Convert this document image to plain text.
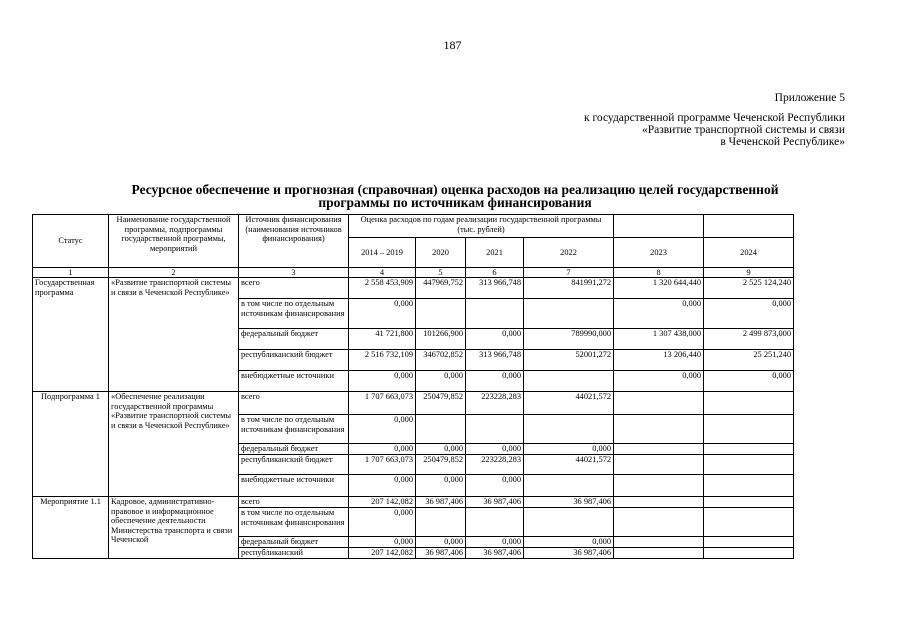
187
Приложение 5
к государственной программе Чеченской Республики
«Развитие транспортной системы и связи
в Чеченской Республике»
Ресурсное обеспечение и прогнозная (справочная) оценка расходов на реализацию целей государственной
программы по источникам финансирования
Статус	Наименование государственной программы, подпрограммы государственной программы, мероприятий	Источник финансирования (наименования источников финансирования)	Оценка расходов по годам реализации государственной программы (тыс. рублей)					
			2014 – 2019	2020	2021	2022	2023	2024
1	2	3	4	5	6	7	8	9
Государственная программа	«Развитие транспортной системы и связи в Чеченской Республике»	всего	2 558 453,909	447969,752	313 966,748	841991,272	1 320 644,440	2 525 124,240
		в том числе по отдельным источникам финансирования	0,000				0,000	0,000
		федеральный бюджет	41 721,800	101266,900	0,000	789990,000	1 307 438,000	2 499 873,000
		республиканский бюджет	2 516 732,109	346702,852	313 966,748	52001,272	13 206,440	25 251,240
		внебюджетные источники	0,000	0,000	0,000		0,000	0,000
Подпрограмма 1	«Обеспечение реализации государственной программы «Развитие транспортной системы и связи в Чеченской Республике»	всего	1 707 663,073	250479,852	223228,283	44021,572		
		в том числе по отдельным источникам финансирования	0,000					
		федеральный бюджет	0,000	0,000	0,000	0,000		
		республиканский бюджет	1 707 663,073	250479,852	223228,283	44021,572		
		внебюджетные источники	0,000	0,000	0,000			
Мероприятие 1.1	Кадровое, административно-правовое и информационное обеспечение деятельности Министерства транспорта и связи Чеченской	всего	207 142,082	36 987,406	36 987,406	36 987,406		
		в том числе по отдельным источникам финансирования	0,000					
		федеральный бюджет	0,000	0,000	0,000	0,000		
		республиканский	207 142,082	36 987,406	36 987,406	36 987,406		
